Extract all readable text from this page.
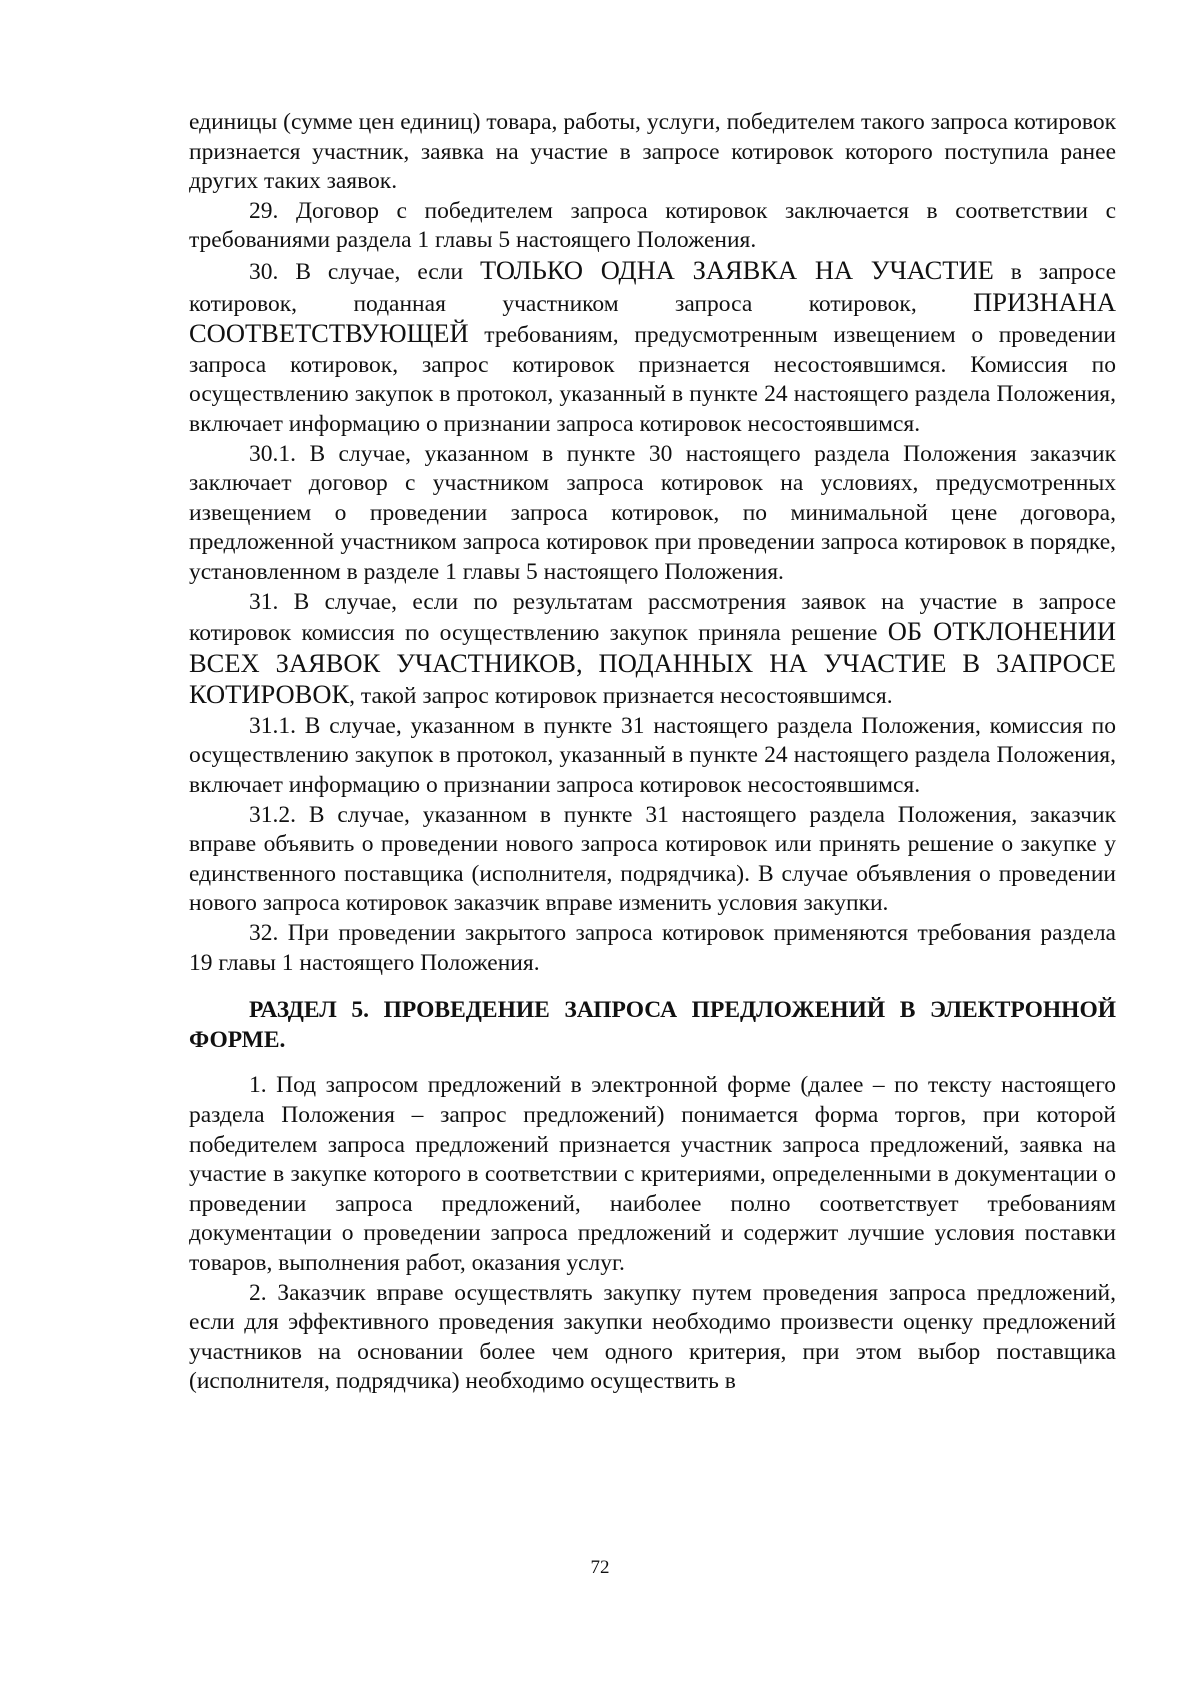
единицы (сумме цен единиц) товара, работы, услуги, победителем такого запроса котировок признается участник, заявка на участие в запросе котировок которого поступила ранее других таких заявок.

29. Договор с победителем запроса котировок заключается в соответствии с требованиями раздела 1 главы 5 настоящего Положения.

30. В случае, если ТОЛЬКО ОДНА ЗАЯВКА НА УЧАСТИЕ в запросе котировок, поданная участником запроса котировок, ПРИЗНАНА СООТВЕТСТВУЮЩЕЙ требованиям, предусмотренным извещением о проведении запроса котировок, запрос котировок признается несостоявшимся. Комиссия по осуществлению закупок в протокол, указанный в пункте 24 настоящего раздела Положения, включает информацию о признании запроса котировок несостоявшимся.

30.1. В случае, указанном в пункте 30 настоящего раздела Положения заказчик заключает договор с участником запроса котировок на условиях, предусмотренных извещением о проведении запроса котировок, по минимальной цене договора, предложенной участником запроса котировок при проведении запроса котировок в порядке, установленном в разделе 1 главы 5 настоящего Положения.

31. В случае, если по результатам рассмотрения заявок на участие в запросе котировок комиссия по осуществлению закупок приняла решение ОБ ОТКЛОНЕНИИ ВСЕХ ЗАЯВОК УЧАСТНИКОВ, ПОДАННЫХ НА УЧАСТИЕ В ЗАПРОСЕ КОТИРОВОК, такой запрос котировок признается несостоявшимся.

31.1. В случае, указанном в пункте 31 настоящего раздела Положения, комиссия по осуществлению закупок в протокол, указанный в пункте 24 настоящего раздела Положения, включает информацию о признании запроса котировок несостоявшимся.

31.2. В случае, указанном в пункте 31 настоящего раздела Положения, заказчик вправе объявить о проведении нового запроса котировок или принять решение о закупке у единственного поставщика (исполнителя, подрядчика). В случае объявления о проведении нового запроса котировок заказчик вправе изменить условия закупки.

32. При проведении закрытого запроса котировок применяются требования раздела 19 главы 1 настоящего Положения.

РАЗДЕЛ 5. ПРОВЕДЕНИЕ ЗАПРОСА ПРЕДЛОЖЕНИЙ В ЭЛЕКТРОННОЙ ФОРМЕ.

1. Под запросом предложений в электронной форме (далее – по тексту настоящего раздела Положения – запрос предложений) понимается форма торгов, при которой победителем запроса предложений признается участник запроса предложений, заявка на участие в закупке которого в соответствии с критериями, определенными в документации о проведении запроса предложений, наиболее полно соответствует требованиям документации о проведении запроса предложений и содержит лучшие условия поставки товаров, выполнения работ, оказания услуг.

2. Заказчик вправе осуществлять закупку путем проведения запроса предложений, если для эффективного проведения закупки необходимо произвести оценку предложений участников на основании более чем одного критерия, при этом выбор поставщика (исполнителя, подрядчика) необходимо осуществить в

72
